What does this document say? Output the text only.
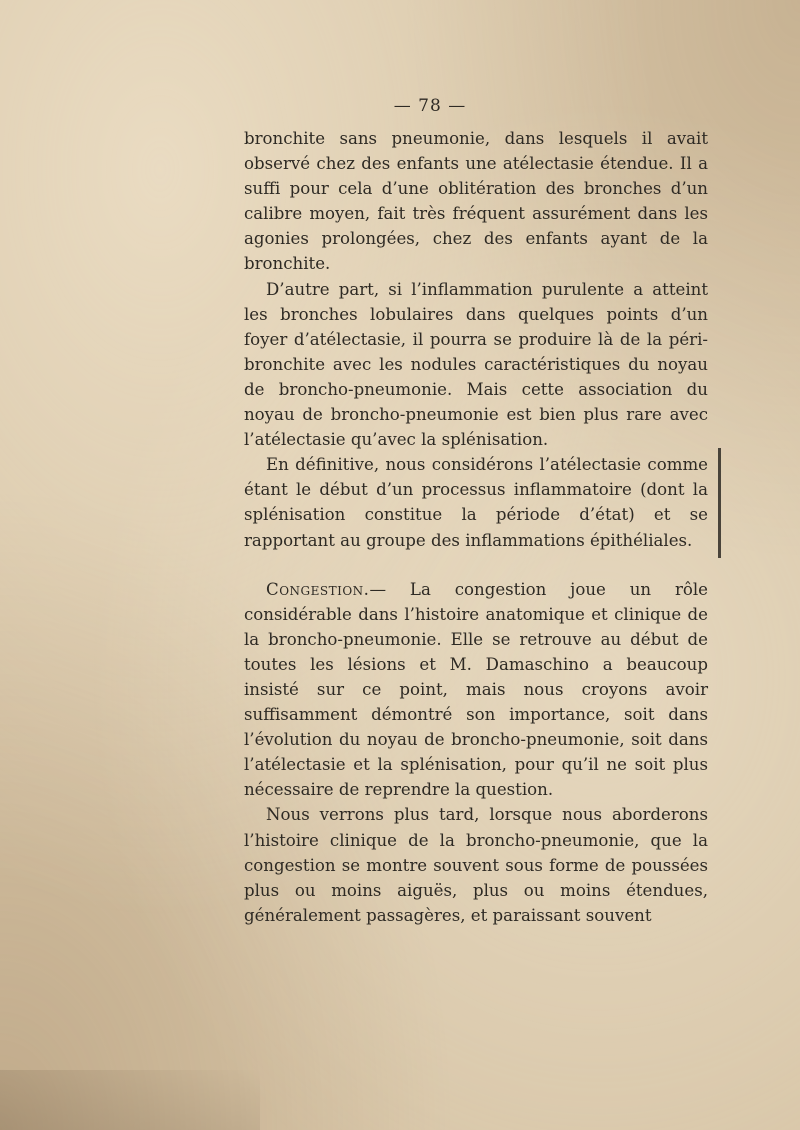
— 78 —

bronchite sans pneumonie, dans lesquels il avait observé chez des enfants une atélectasie étendue. Il a suffi pour cela d’une oblitération des bronches d’un calibre moyen, fait très fréquent assurément dans les agonies prolongées, chez des enfants ayant de la bronchite.

D’autre part, si l’inflammation purulente a atteint les bronches lobulaires dans quelques points d’un foyer d’atélectasie, il pourra se produire là de la péri-bronchite avec les nodules caractéristiques du noyau de broncho-pneumonie. Mais cette association du noyau de broncho-pneumonie est bien plus rare avec l’atélectasie qu’avec la splénisation.

En définitive, nous considérons l’atélectasie comme étant le début d’un processus inflammatoire (dont la splénisation constitue la période d’état) et se rapportant au groupe des inflammations épithéliales.

Congestion.— La congestion joue un rôle considérable dans l’histoire anatomique et clinique de la broncho-pneumonie. Elle se retrouve au début de toutes les lésions et M. Damaschino a beaucoup insisté sur ce point, mais nous croyons avoir suffisamment démontré son importance, soit dans l’évolution du noyau de broncho-pneumonie, soit dans l’atélectasie et la splénisation, pour qu’il ne soit plus nécessaire de reprendre la question.

Nous verrons plus tard, lorsque nous aborderons l’histoire clinique de la broncho-pneumonie, que la congestion se montre souvent sous forme de poussées plus ou moins aiguës, plus ou moins étendues, généralement passagères, et paraissant souvent
